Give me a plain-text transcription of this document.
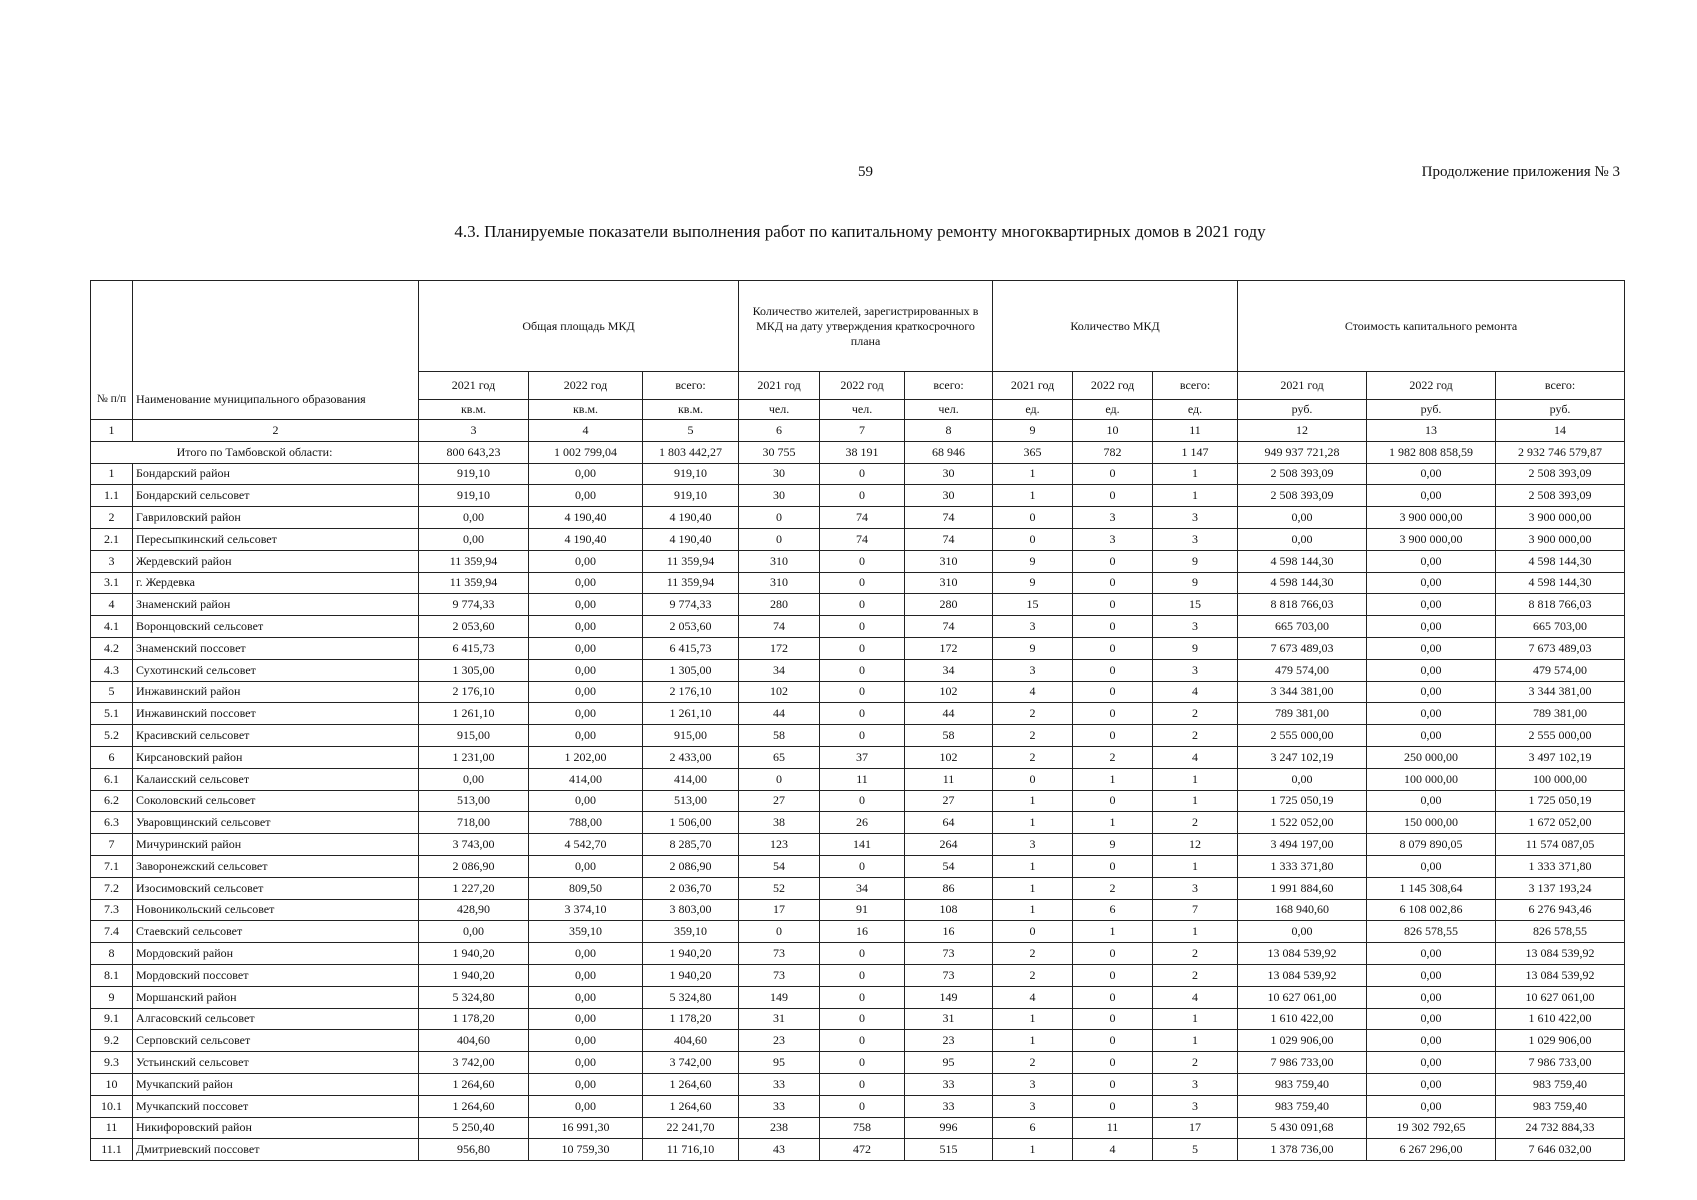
59	Продолжение приложения № 3
4.3. Планируемые показатели выполнения работ по капитальному ремонту многоквартирных домов в 2021 году
№ п/п	Наименование муниципального образования	Общая площадь МКД			Количество жителей, зарегистрированных в МКД на дату утверждения краткосрочного плана			Количество МКД			Стоимость капитального ремонта		
		2021 год	2022 год	всего:	2021 год	2022 год	всего:	2021 год	2022 год	всего:	2021 год	2022 год	всего:
		кв.м.	кв.м.	кв.м.	чел.	чел.	чел.	ед.	ед.	ед.	руб.	руб.	руб.
1	2	3	4	5	6	7	8	9	10	11	12	13	14
Итого по Тамбовской области:		800 643,23	1 002 799,04	1 803 442,27	30 755	38 191	68 946	365	782	1 147	949 937 721,28	1 982 808 858,59	2 932 746 579,87
1	Бондарский район	919,10	0,00	919,10	30	0	30	1	0	1	2 508 393,09	0,00	2 508 393,09
1.1	Бондарский сельсовет	919,10	0,00	919,10	30	0	30	1	0	1	2 508 393,09	0,00	2 508 393,09
2	Гавриловский район	0,00	4 190,40	4 190,40	0	74	74	0	3	3	0,00	3 900 000,00	3 900 000,00
2.1	Пересыпкинский сельсовет	0,00	4 190,40	4 190,40	0	74	74	0	3	3	0,00	3 900 000,00	3 900 000,00
3	Жердевский район	11 359,94	0,00	11 359,94	310	0	310	9	0	9	4 598 144,30	0,00	4 598 144,30
3.1	г. Жердевка	11 359,94	0,00	11 359,94	310	0	310	9	0	9	4 598 144,30	0,00	4 598 144,30
4	Знаменский район	9 774,33	0,00	9 774,33	280	0	280	15	0	15	8 818 766,03	0,00	8 818 766,03
4.1	Воронцовский сельсовет	2 053,60	0,00	2 053,60	74	0	74	3	0	3	665 703,00	0,00	665 703,00
4.2	Знаменский поссовет	6 415,73	0,00	6 415,73	172	0	172	9	0	9	7 673 489,03	0,00	7 673 489,03
4.3	Сухотинский сельсовет	1 305,00	0,00	1 305,00	34	0	34	3	0	3	479 574,00	0,00	479 574,00
5	Инжавинский район	2 176,10	0,00	2 176,10	102	0	102	4	0	4	3 344 381,00	0,00	3 344 381,00
5.1	Инжавинский поссовет	1 261,10	0,00	1 261,10	44	0	44	2	0	2	789 381,00	0,00	789 381,00
5.2	Красивский сельсовет	915,00	0,00	915,00	58	0	58	2	0	2	2 555 000,00	0,00	2 555 000,00
6	Кирсановский район	1 231,00	1 202,00	2 433,00	65	37	102	2	2	4	3 247 102,19	250 000,00	3 497 102,19
6.1	Калаисский сельсовет	0,00	414,00	414,00	0	11	11	0	1	1	0,00	100 000,00	100 000,00
6.2	Соколовский сельсовет	513,00	0,00	513,00	27	0	27	1	0	1	1 725 050,19	0,00	1 725 050,19
6.3	Уваровщинский сельсовет	718,00	788,00	1 506,00	38	26	64	1	1	2	1 522 052,00	150 000,00	1 672 052,00
7	Мичуринский район	3 743,00	4 542,70	8 285,70	123	141	264	3	9	12	3 494 197,00	8 079 890,05	11 574 087,05
7.1	Заворонежский сельсовет	2 086,90	0,00	2 086,90	54	0	54	1	0	1	1 333 371,80	0,00	1 333 371,80
7.2	Изосимовский сельсовет	1 227,20	809,50	2 036,70	52	34	86	1	2	3	1 991 884,60	1 145 308,64	3 137 193,24
7.3	Новоникольский сельсовет	428,90	3 374,10	3 803,00	17	91	108	1	6	7	168 940,60	6 108 002,86	6 276 943,46
7.4	Стаевский сельсовет	0,00	359,10	359,10	0	16	16	0	1	1	0,00	826 578,55	826 578,55
8	Мордовский район	1 940,20	0,00	1 940,20	73	0	73	2	0	2	13 084 539,92	0,00	13 084 539,92
8.1	Мордовский поссовет	1 940,20	0,00	1 940,20	73	0	73	2	0	2	13 084 539,92	0,00	13 084 539,92
9	Моршанский район	5 324,80	0,00	5 324,80	149	0	149	4	0	4	10 627 061,00	0,00	10 627 061,00
9.1	Алгасовский сельсовет	1 178,20	0,00	1 178,20	31	0	31	1	0	1	1 610 422,00	0,00	1 610 422,00
9.2	Серповский сельсовет	404,60	0,00	404,60	23	0	23	1	0	1	1 029 906,00	0,00	1 029 906,00
9.3	Устьинский сельсовет	3 742,00	0,00	3 742,00	95	0	95	2	0	2	7 986 733,00	0,00	7 986 733,00
10	Мучкапский район	1 264,60	0,00	1 264,60	33	0	33	3	0	3	983 759,40	0,00	983 759,40
10.1	Мучкапский поссовет	1 264,60	0,00	1 264,60	33	0	33	3	0	3	983 759,40	0,00	983 759,40
11	Никифоровский район	5 250,40	16 991,30	22 241,70	238	758	996	6	11	17	5 430 091,68	19 302 792,65	24 732 884,33
11.1	Дмитриевский поссовет	956,80	10 759,30	11 716,10	43	472	515	1	4	5	1 378 736,00	6 267 296,00	7 646 032,00
